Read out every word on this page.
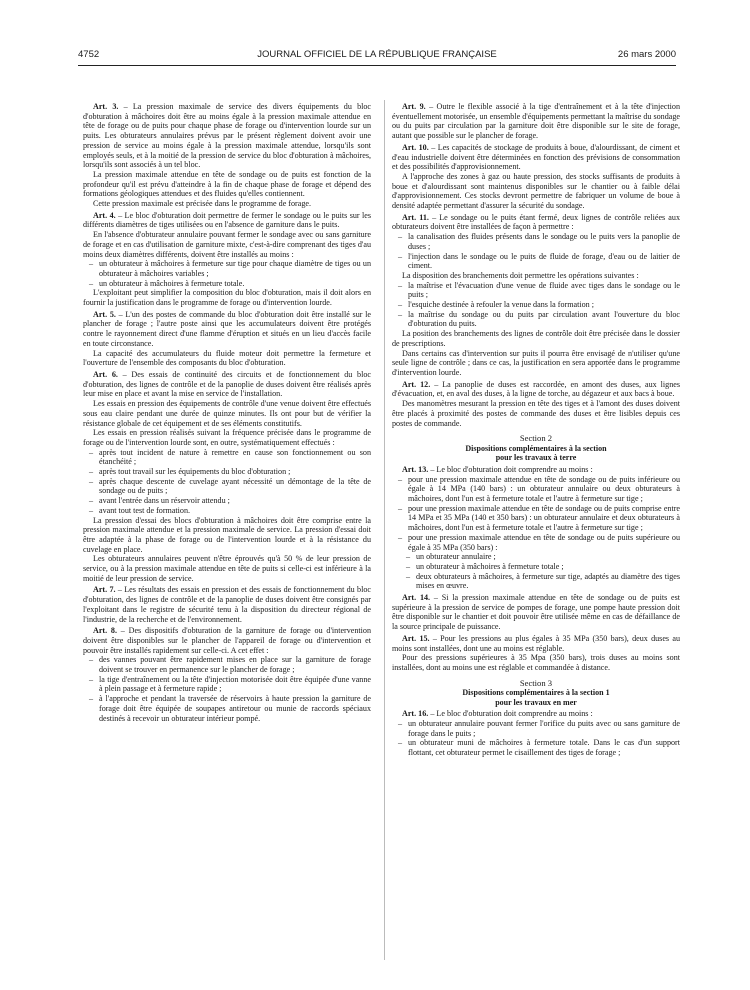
4752	JOURNAL OFFICIEL DE LA RÉPUBLIQUE FRANÇAISE	26 mars 2000

Art. 3. – La pression maximale de service des divers équipements du bloc d'obturation à mâchoires doit être au moins égale à la pression maximale attendue en tête de forage ou de puits pour chaque phase de forage ou d'intervention lourde sur un puits. Les obturateurs annulaires prévus par le présent règlement doivent avoir une pression de service au moins égale à la pression maximale attendue, lorsqu'ils sont employés seuls, et à la moitié de la pression de service du bloc d'obturation à mâchoires, lorsqu'ils sont associés à un tel bloc.

La pression maximale attendue en tête de sondage ou de puits est fonction de la profondeur qu'il est prévu d'atteindre à la fin de chaque phase de forage et dépend des formations géologiques attendues et des fluides qu'elles contiennent.

Cette pression maximale est précisée dans le programme de forage.

Art. 4. – Le bloc d'obturation doit permettre de fermer le sondage ou le puits sur les différents diamètres de tiges utilisées ou en l'absence de garniture dans le puits.

En l'absence d'obturateur annulaire pouvant fermer le sondage avec ou sans garniture de forage et en cas d'utilisation de garniture mixte, c'est-à-dire comprenant des tiges d'au moins deux diamètres différents, doivent être installés au moins :

– un obturateur à mâchoires à fermeture sur tige pour chaque diamètre de tiges ou un obturateur à mâchoires variables ;
– un obturateur à mâchoires à fermeture totale.

L'exploitant peut simplifier la composition du bloc d'obturation, mais il doit alors en fournir la justification dans le programme de forage ou d'intervention lourde.

Art. 5. – L'un des postes de commande du bloc d'obturation doit être installé sur le plancher de forage ; l'autre poste ainsi que les accumulateurs doivent être protégés contre le rayonnement direct d'une flamme d'éruption et situés en un lieu d'accès facile en toute circonstance.

La capacité des accumulateurs du fluide moteur doit permettre la fermeture et l'ouverture de l'ensemble des composants du bloc d'obturation.

Art. 6. – Des essais de continuité des circuits et de fonctionnement du bloc d'obturation, des lignes de contrôle et de la panoplie de duses doivent être réalisés après leur mise en place et avant la mise en service de l'installation.

Les essais en pression des équipements de contrôle d'une venue doivent être effectués sous eau claire pendant une durée de quinze minutes. Ils ont pour but de vérifier la résistance globale de cet équipement et de ses éléments constitutifs.

Les essais en pression réalisés suivant la fréquence précisée dans le programme de forage ou de l'intervention lourde sont, en outre, systématiquement effectués :

– après tout incident de nature à remettre en cause son fonctionnement ou son étanchéité ;
– après tout travail sur les équipements du bloc d'obturation ;
– après chaque descente de cuvelage ayant nécessité un démontage de la tête de sondage ou de puits ;
– avant l'entrée dans un réservoir attendu ;
– avant tout test de formation.

La pression d'essai des blocs d'obturation à mâchoires doit être comprise entre la pression maximale attendue et la pression maximale de service. La pression d'essai doit être adaptée à la phase de forage ou de l'intervention lourde et à la résistance du cuvelage en place.

Les obturateurs annulaires peuvent n'être éprouvés qu'à 50 % de leur pression de service, ou à la pression maximale attendue en tête de puits si celle-ci est inférieure à la moitié de leur pression de service.

Art. 7. – Les résultats des essais en pression et des essais de fonctionnement du bloc d'obturation, des lignes de contrôle et de la panoplie de duses doivent être consignés par l'exploitant dans le registre de sécurité tenu à la disposition du directeur régional de l'industrie, de la recherche et de l'environnement.

Art. 8. – Des dispositifs d'obturation de la garniture de forage ou d'intervention doivent être disponibles sur le plancher de l'appareil de forage ou d'intervention et pouvoir être installés rapidement sur celle-ci. A cet effet :

– des vannes pouvant être rapidement mises en place sur la garniture de forage doivent se trouver en permanence sur le plancher de forage ;
– la tige d'entraînement ou la tête d'injection motorisée doit être équipée d'une vanne à plein passage et à fermeture rapide ;
– à l'approche et pendant la traversée de réservoirs à haute pression la garniture de forage doit être équipée de soupapes antiretour ou munie de raccords spéciaux destinés à recevoir un obturateur intérieur pompé.

Art. 9. – Outre le flexible associé à la tige d'entraînement et à la tête d'injection éventuellement motorisée, un ensemble d'équipements permettant la maîtrise du sondage ou du puits par circulation par la garniture doit être disponible sur le site de forage, autant que possible sur le plancher de forage.

Art. 10. – Les capacités de stockage de produits à boue, d'alourdissant, de ciment et d'eau industrielle doivent être déterminées en fonction des prévisions de consommation et des possibilités d'approvisionnement.

A l'approche des zones à gaz ou haute pression, des stocks suffisants de produits à boue et d'alourdissant sont maintenus disponibles sur le chantier ou à faible délai d'approvisionnement. Ces stocks devront permettre de fabriquer un volume de boue à densité adaptée permettant d'assurer la sécurité du sondage.

Art. 11. – Le sondage ou le puits étant fermé, deux lignes de contrôle reliées aux obturateurs doivent être installées de façon à permettre :

– la canalisation des fluides présents dans le sondage ou le puits vers la panoplie de duses ;
– l'injection dans le sondage ou le puits de fluide de forage, d'eau ou de laitier de ciment.

La disposition des branchements doit permettre les opérations suivantes :

– la maîtrise et l'évacuation d'une venue de fluide avec tiges dans le sondage ou le puits ;
– l'esquiche destinée à refouler la venue dans la formation ;
– la maîtrise du sondage ou du puits par circulation avant l'ouverture du bloc d'obturation du puits.

La position des branchements des lignes de contrôle doit être précisée dans le dossier de prescriptions.

Dans certains cas d'intervention sur puits il pourra être envisagé de n'utiliser qu'une seule ligne de contrôle ; dans ce cas, la justification en sera apportée dans le programme d'intervention lourde.

Art. 12. – La panoplie de duses est raccordée, en amont des duses, aux lignes d'évacuation, et, en aval des duses, à la ligne de torche, au dégazeur et aux bacs à boue.

Des manomètres mesurant la pression en tête des tiges et à l'amont des duses doivent être placés à proximité des postes de commande des duses et être lisibles depuis ces postes de commande.

Section 2
Dispositions complémentaires à la section
pour les travaux à terre

Art. 13. – Le bloc d'obturation doit comprendre au moins :

– pour une pression maximale attendue en tête de sondage ou de puits inférieure ou égale à 14 MPa (140 bars) : un obturateur annulaire ou deux obturateurs à mâchoires, dont l'un est à fermeture totale et l'autre à fermeture sur tige ;
– pour une pression maximale attendue en tête de sondage ou de puits comprise entre 14 MPa et 35 MPa (140 et 350 bars) : un obturateur annulaire et deux obturateurs à mâchoires, dont l'un est à fermeture totale et l'autre à fermeture sur tige ;
– pour une pression maximale attendue en tête de sondage ou de puits supérieure ou égale à 35 MPa (350 bars) :
– un obturateur annulaire ;
– un obturateur à mâchoires à fermeture totale ;
– deux obturateurs à mâchoires, à fermeture sur tige, adaptés au diamètre des tiges mises en œuvre.

Art. 14. – Si la pression maximale attendue en tête de sondage ou de puits est supérieure à la pression de service de pompes de forage, une pompe haute pression doit être disponible sur le chantier et doit pouvoir être utilisée même en cas de défaillance de la source principale de puissance.

Art. 15. – Pour les pressions au plus égales à 35 MPa (350 bars), deux duses au moins sont installées, dont une au moins est réglable.

Pour des pressions supérieures à 35 Mpa (350 bars), trois duses au moins sont installées, dont au moins une est réglable et commandée à distance.

Section 3
Dispositions complémentaires à la section 1
pour les travaux en mer

Art. 16. – Le bloc d'obturation doit comprendre au moins :

– un obturateur annulaire pouvant fermer l'orifice du puits avec ou sans garniture de forage dans le puits ;
– un obturateur muni de mâchoires à fermeture totale. Dans le cas d'un support flottant, cet obturateur permet le cisaillement des tiges de forage ;
